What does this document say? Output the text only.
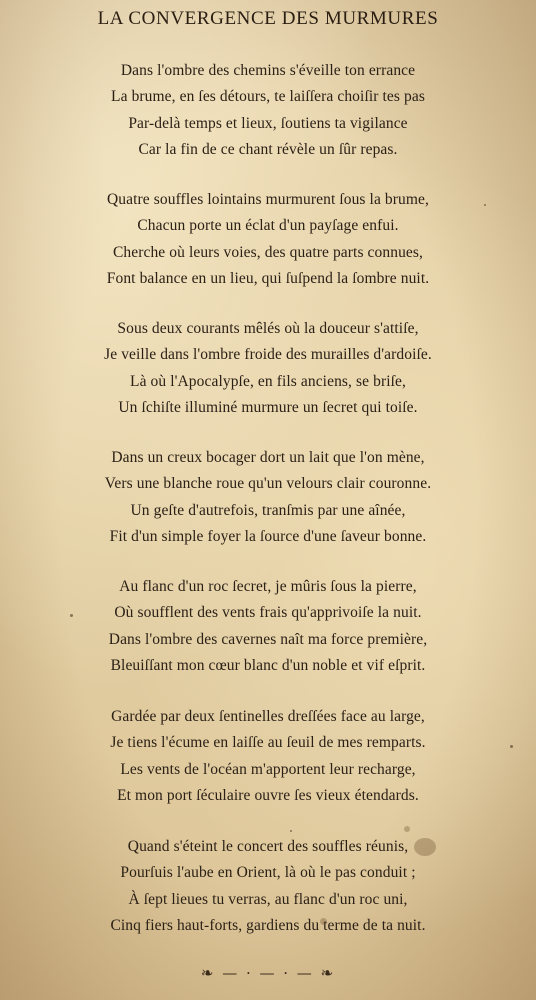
LA CONVERGENCE DES MURMURES
Dans l'ombre des chemins s'éveille ton errance
La brume, en ſes détours, te laiſſera choiſir tes pas
Par-delà temps et lieux, ſoutiens ta vigilance
Car la fin de ce chant révèle un ſûr repas.
Quatre souffles lointains murmurent ſous la brume,
Chacun porte un éclat d'un payſage enfui.
Cherche où leurs voies, des quatre parts connues,
Font balance en un lieu, qui ſuſpend la ſombre nuit.
Sous deux courants mêlés où la douceur s'attiſe,
Je veille dans l'ombre froide des murailles d'ardoiſe.
Là où l'Apocalypſe, en fils anciens, se briſe,
Un ſchiſte illuminé murmure un ſecret qui toiſe.
Dans un creux bocager dort un lait que l'on mène,
Vers une blanche roue qu'un velours clair couronne.
Un geſte d'autrefois, tranſmis par une aînée,
Fit d'un simple foyer la ſource d'une ſaveur bonne.
Au flanc d'un roc ſecret, je mûris ſous la pierre,
Où soufflent des vents frais qu'apprivoiſe la nuit.
Dans l'ombre des cavernes naît ma force première,
Bleuiſſant mon cœur blanc d'un noble et vif eſprit.
Gardée par deux ſentinelles dreſſées face au large,
Je tiens l'écume en laiſſe au ſeuil de mes remparts.
Les vents de l'océan m'apportent leur recharge,
Et mon port ſéculaire ouvre ſes vieux étendards.
Quand s'éteint le concert des souffles réunis,
Pourſuis l'aube en Orient, là où le pas conduit ;
À ſept lieues tu verras, au flanc d'un roc uni,
Cinq fiers haut-forts, gardiens du terme de ta nuit.
❧ — · — · — ❧
